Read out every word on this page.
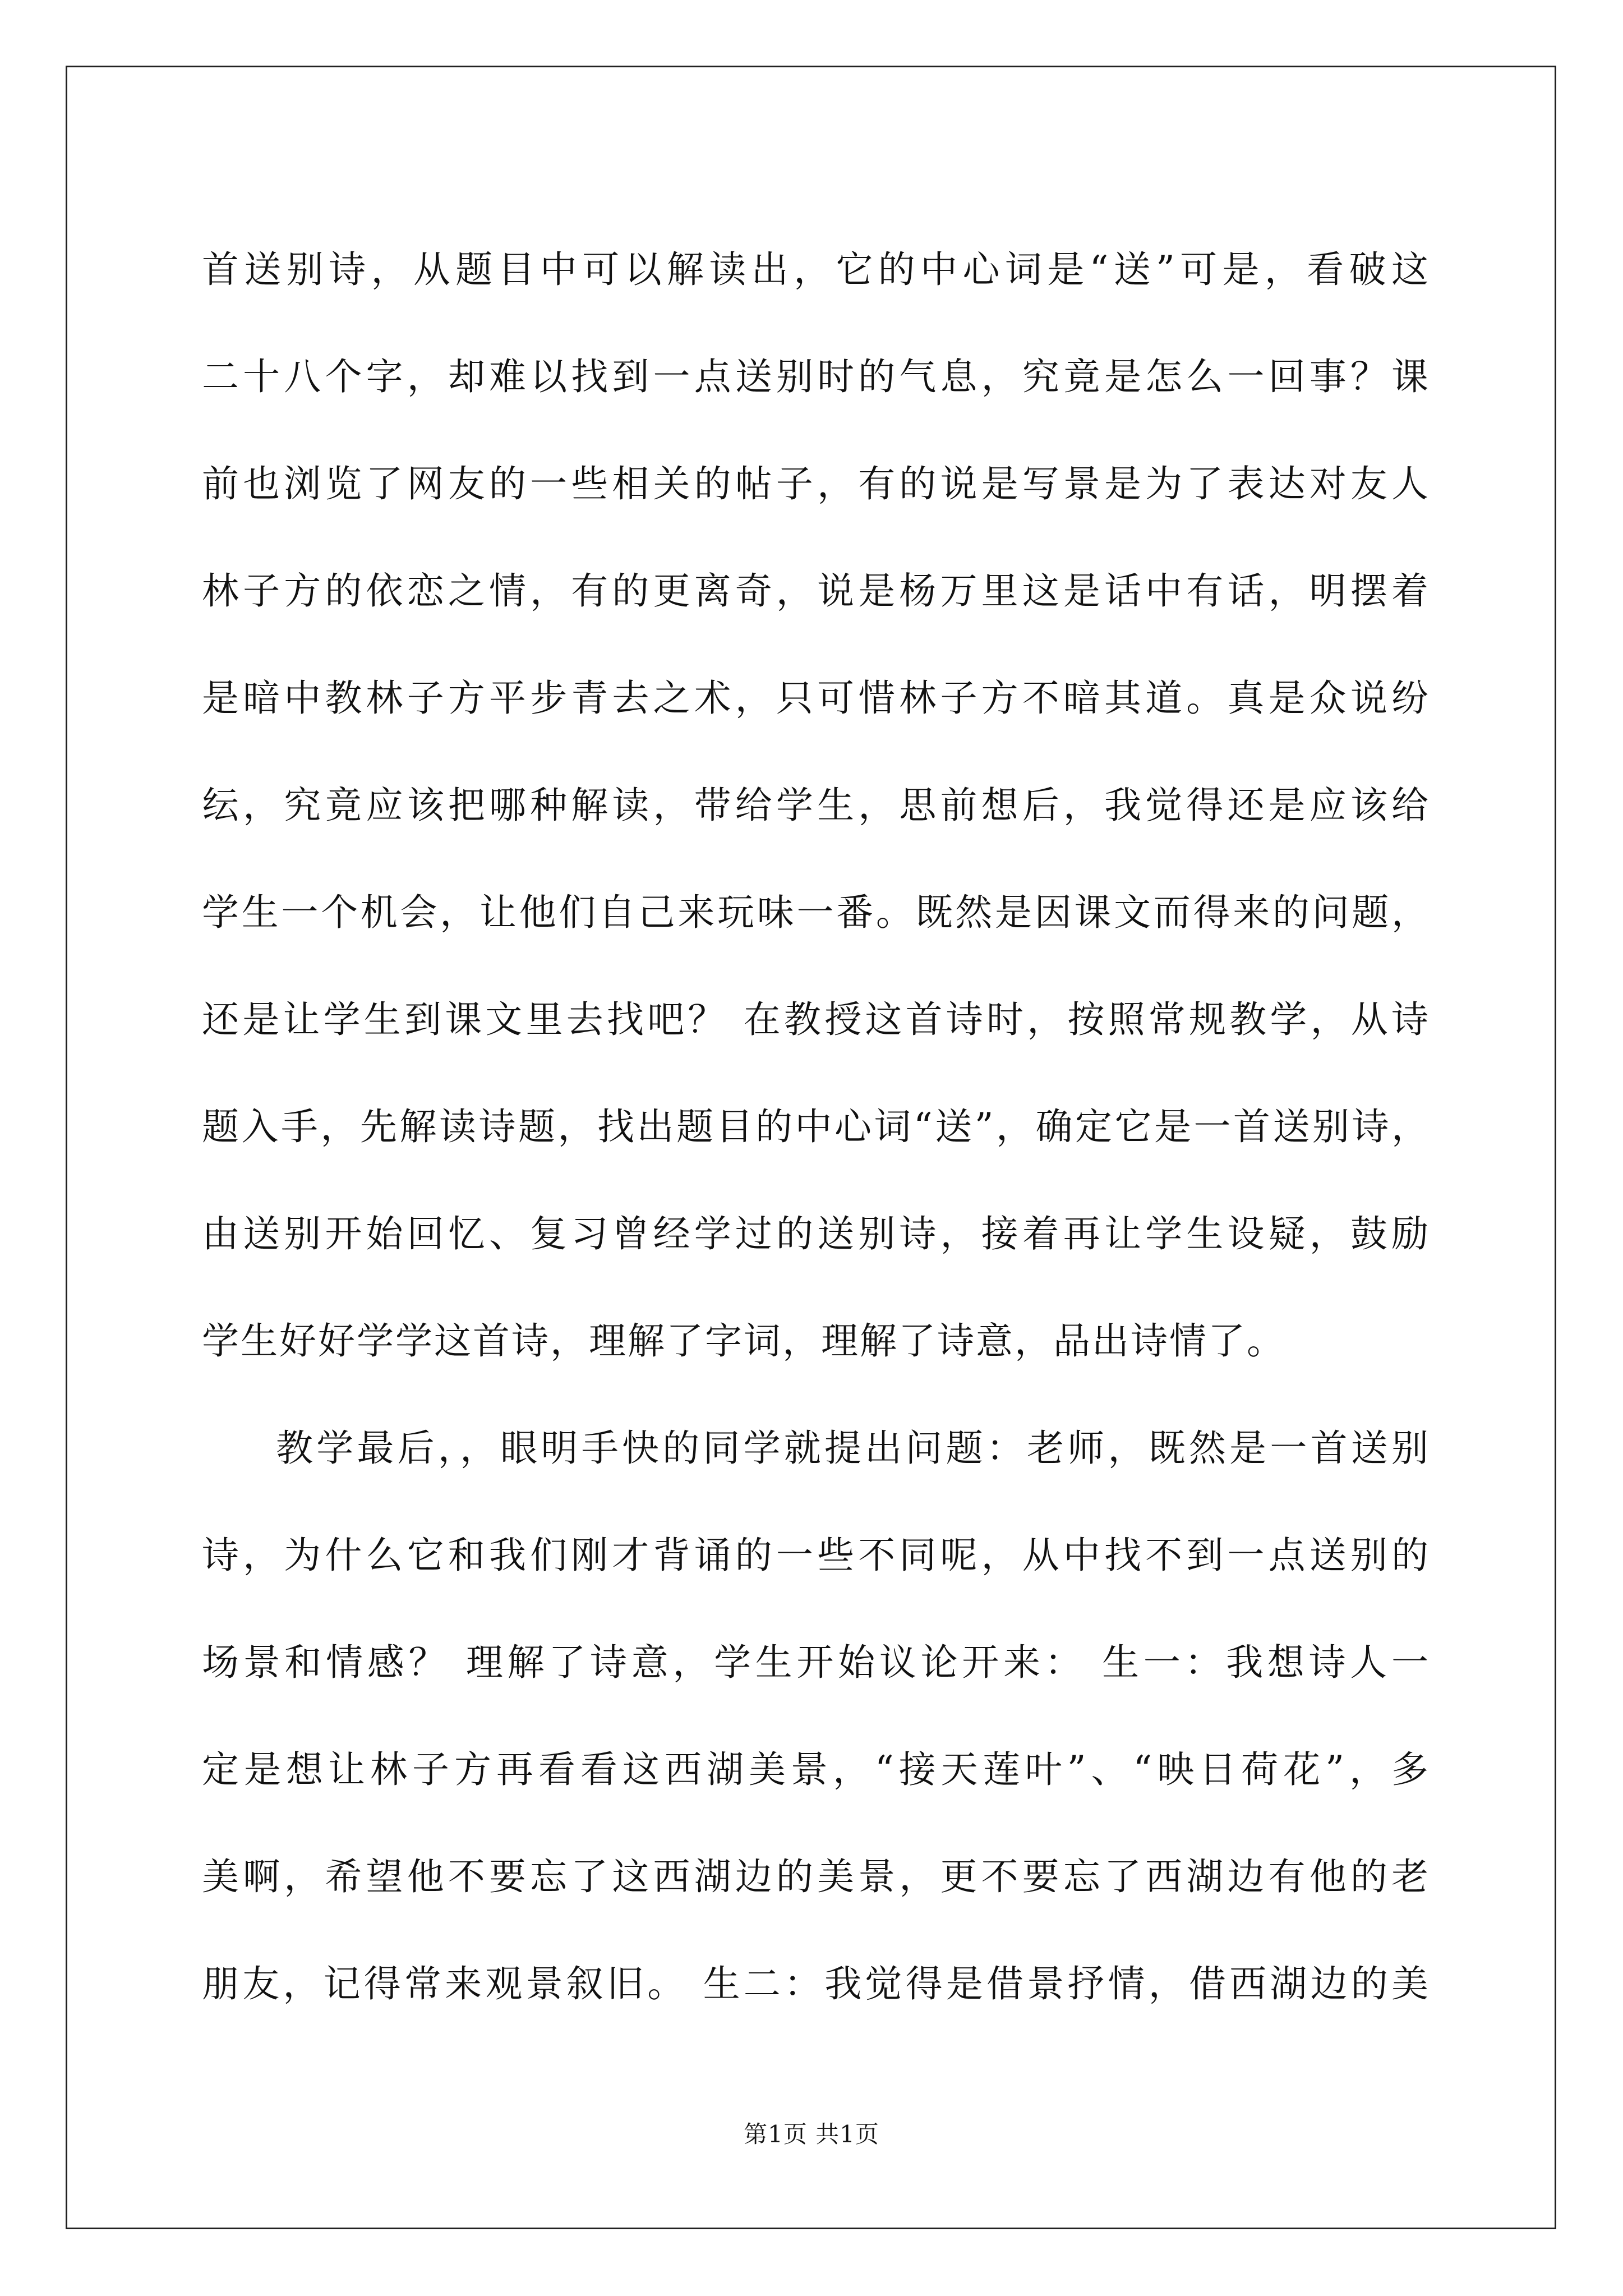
首送别诗，从题目中可以解读出，它的中心词是“送”可是，看破这
二十八个字，却难以找到一点送别时的气息，究竟是怎么一回事？课
前也浏览了网友的一些相关的帖子，有的说是写景是为了表达对友人
林子方的依恋之情，有的更离奇，说是杨万里这是话中有话，明摆着
是暗中教林子方平步青去之术，只可惜林子方不暗其道。真是众说纷
纭，究竟应该把哪种解读，带给学生，思前想后，我觉得还是应该给
学生一个机会，让他们自己来玩味一番。既然是因课文而得来的问题，
还是让学生到课文里去找吧？ 在教授这首诗时，按照常规教学，从诗
题入手，先解读诗题，找出题目的中心词“送”，确定它是一首送别诗，
由送别开始回忆、复习曾经学过的送别诗，接着再让学生设疑，鼓励
学生好好学学这首诗，理解了字词，理解了诗意，品出诗情了。
教学最后，，眼明手快的同学就提出问题：老师，既然是一首送别
诗，为什么它和我们刚才背诵的一些不同呢，从中找不到一点送别的
场景和情感？ 理解了诗意，学生开始议论开来： 生一：我想诗人一
定是想让林子方再看看这西湖美景，“接天莲叶”、“映日荷花”，多
美啊，希望他不要忘了这西湖边的美景，更不要忘了西湖边有他的老
朋友，记得常来观景叙旧。 生二：我觉得是借景抒情，借西湖边的美
第1页 共1页
